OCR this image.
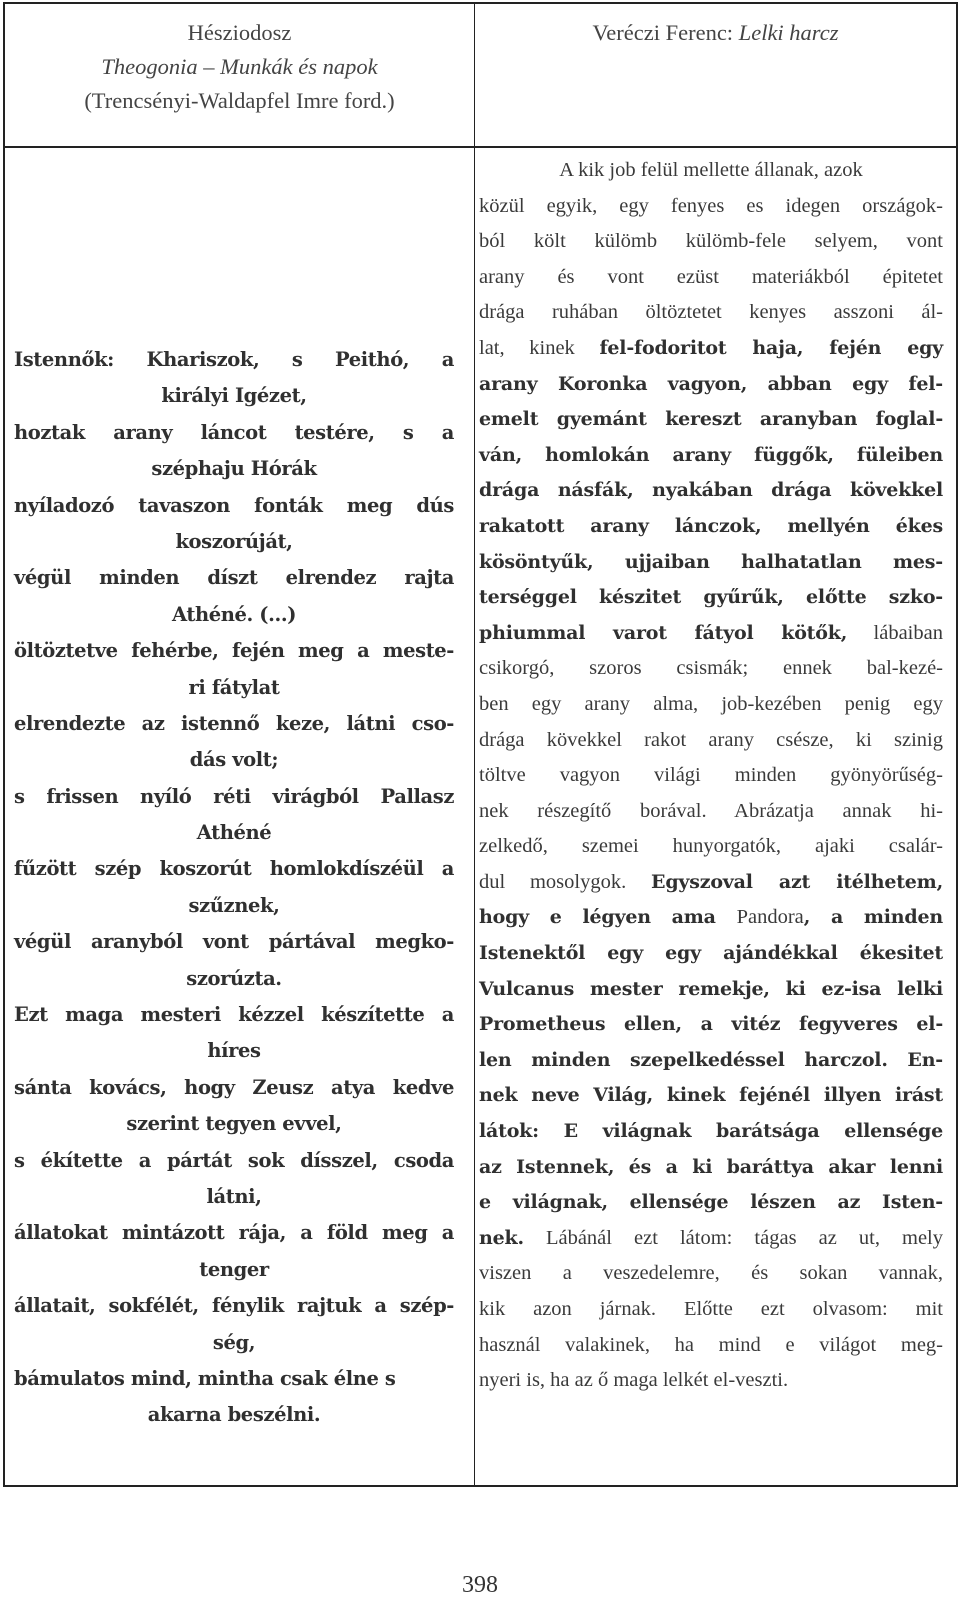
Hésziodosz
Theogonia – Munkák és napok
(Trencsényi-Waldapfel Imre ford.)
Veréczi Ferenc: Lelki harcz
Istennők: Khariszok, s Peithó, a
királyi Igézet,
hoztak arany láncot testére, s a
széphaju Hórák
nyíladozó tavaszon fonták meg dús
koszorúját,
végül minden díszt elrendez rajta
Athéné. (…)
öltöztetve fehérbe, fején meg a meste-
ri fátylat
elrendezte az istennő keze, látni cso-
dás volt;
s frissen nyíló réti virágból Pallasz
Athéné
fűzött szép koszorút homlokdíszéül a
szűznek,
végül aranyból vont pártával megko-
szorúzta.
Ezt maga mesteri kézzel készítette a
híres
sánta kovács, hogy Zeusz atya kedve
szerint tegyen evvel,
s ékítette a pártát sok dísszel, csoda
látni,
állatokat mintázott rája, a föld meg a
tenger
állatait, sokfélét, fénylik rajtuk a szép-
ség,
bámulatos mind, mintha csak élne s
akarna beszélni.
A kik job felül mellette állanak, azok
közül egyik, egy fenyes es idegen országok-
ból költ külömb külömb-fele selyem, vont
arany és vont ezüst materiákból épitetet
drága ruhában öltöztetet kenyes asszoni ál-
lat, kinek fel-fodoritot haja, fején egy
arany Koronka vagyon, abban egy fel-
emelt gyemánt kereszt aranyban foglal-
ván, homlokán arany függők, füleiben
drága násfák, nyakában drága kövekkel
rakatott arany lánczok, mellyén ékes
kösöntyűk, ujjaiban halhatatlan mes-
terséggel készitet gyűrűk, előtte szko-
phiummal varot fátyol kötők, lábaiban
csikorgó, szoros csismák; ennek bal-kezé-
ben egy arany alma, job-kezében penig egy
drága kövekkel rakot arany csésze, ki szinig
töltve vagyon világi minden gyönyörűség-
nek részegítő borával. Abrázatja annak hi-
zelkedő, szemei hunyorgatók, ajaki csalár-
dul mosolygok. Egyszoval azt itélhetem,
hogy e légyen ama Pandora, a minden
Istenektől egy egy ajándékkal ékesitet
Vulcanus mester remekje, ki ez-isa lelki
Prometheus ellen, a vitéz fegyveres el-
len minden szepelkedéssel harczol. En-
nek neve Világ, kinek fejénél illyen irást
látok: E világnak barátsága ellensége
az Istennek, és a ki baráttya akar lenni
e világnak, ellensége lészen az Isten-
nek. Lábánál ezt látom: tágas az ut, mely
viszen a veszedelemre, és sokan vannak,
kik azon járnak. Előtte ezt olvasom: mit
használ valakinek, ha mind e világot meg-
nyeri is, ha az ő maga lelkét el-veszti.
398
